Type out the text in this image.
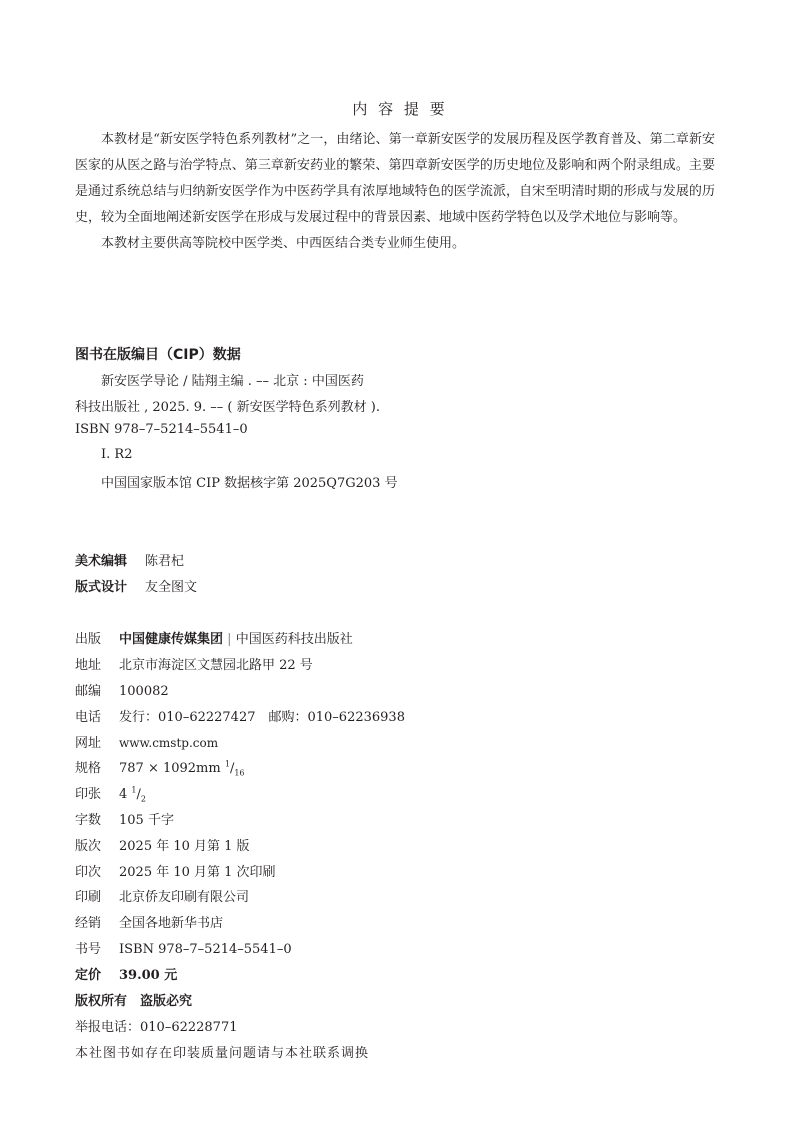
内 容 提 要

本教材是“新安医学特色系列教材”之一，由绪论、第一章新安医学的发展历程及医学教育普及、第二章新安医家的从医之路与治学特点、第三章新安药业的繁荣、第四章新安医学的历史地位及影响和两个附录组成。主要是通过系统总结与归纳新安医学作为中医药学具有浓厚地域特色的医学流派，自宋至明清时期的形成与发展的历史，较为全面地阐述新安医学在形成与发展过程中的背景因素、地域中医药学特色以及学术地位与影响等。

本教材主要供高等院校中医学类、中西医结合类专业师生使用。

图书在版编目（CIP）数据
新安医学导论 / 陆翔主编 . –– 北京 : 中国医药
科技出版社 , 2025. 9. –– ( 新安医学特色系列教材 ).
ISBN 978–7–5214–5541–0
Ⅰ. R2
中国国家版本馆 CIP 数据核字第 2025Q7G203 号
美术编辑 陈君杞
版式设计 友全图文
出版 中国健康传媒集团 | 中国医药科技出版社
地址 北京市海淀区文慧园北路甲 22 号
邮编 100082
电话 发行：010–62227427　邮购：010–62236938
网址 www.cmstp.com
规格 787 × 1092mm $^1/_{16}$
印张 4 $^1/_2$
字数 105 千字
版次 2025 年 10 月第 1 版
印次 2025 年 10 月第 1 次印刷
印刷 北京侨友印刷有限公司
经销 全国各地新华书店
书号 ISBN 978–7–5214–5541–0
定价 39.00 元
版权所有　盗版必究
举报电话：010–62228771
本社图书如存在印装质量问题请与本社联系调换
